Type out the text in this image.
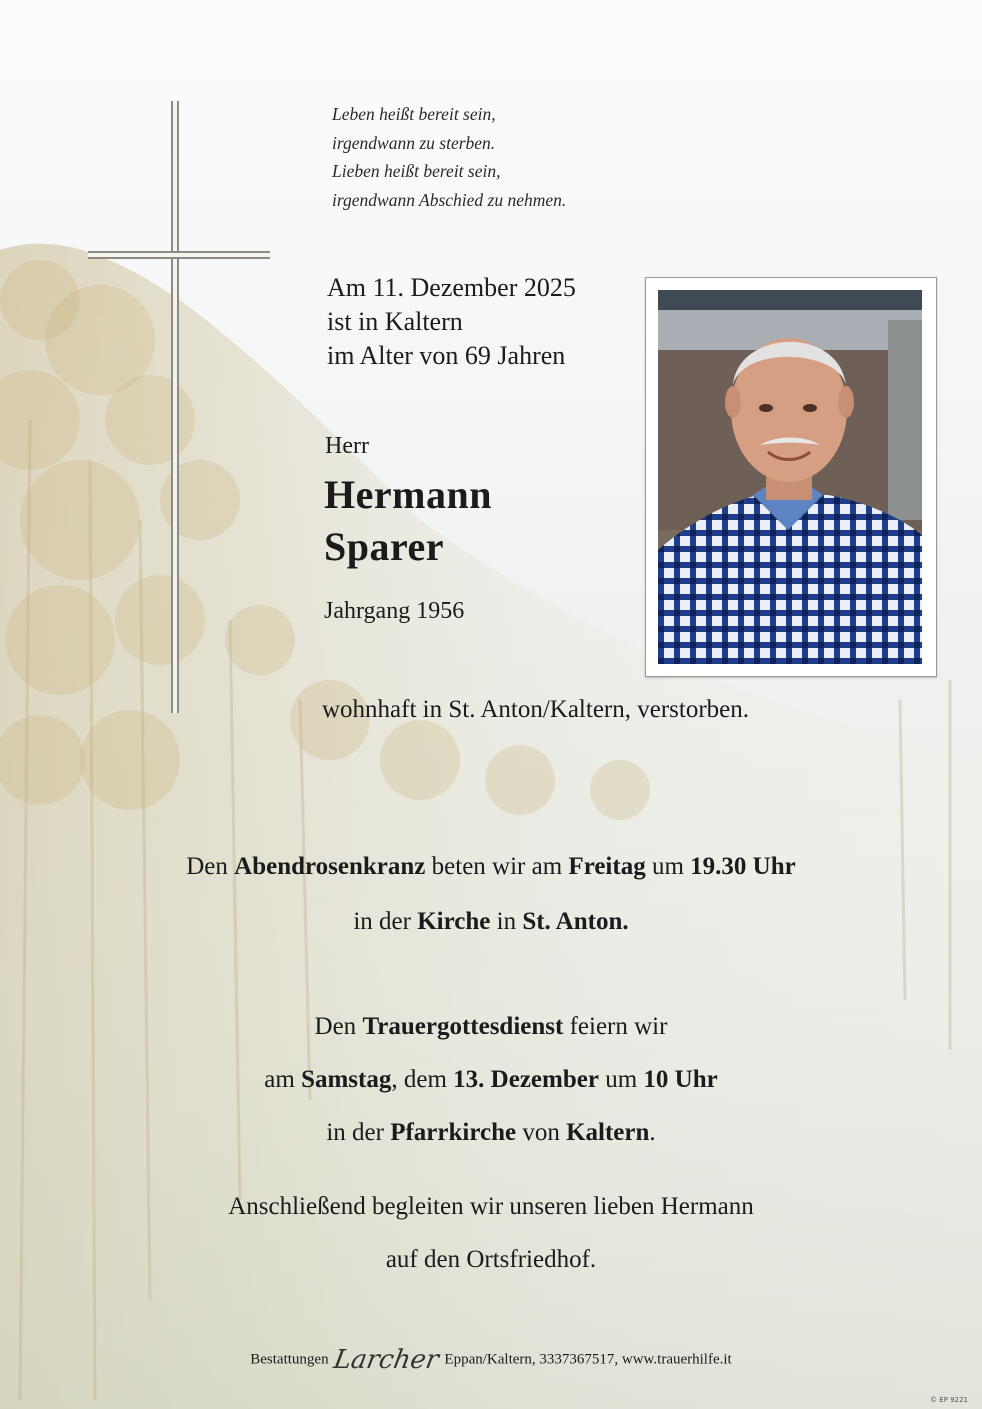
Leben heißt bereit sein,
irgendwann zu sterben.
Lieben heißt bereit sein,
irgendwann Abschied zu nehmen.
Am 11. Dezember 2025
ist in Kaltern
im Alter von 69 Jahren
Herr
Hermann
Sparer
Jahrgang 1956
wohnhaft in St. Anton/Kaltern, verstorben.
Den Abendrosenkranz beten wir am Freitag um 19.30 Uhr
in der Kirche in St. Anton.
Den Trauergottesdienst feiern wir
am Samstag, dem 13. Dezember um 10 Uhr
in der Pfarrkirche von Kaltern.
Anschließend begleiten wir unseren lieben Hermann
auf den Ortsfriedhof.
Bestattungen Larcher Eppan/Kaltern, 3337367517, www.trauerhilfe.it
© EP 9221
